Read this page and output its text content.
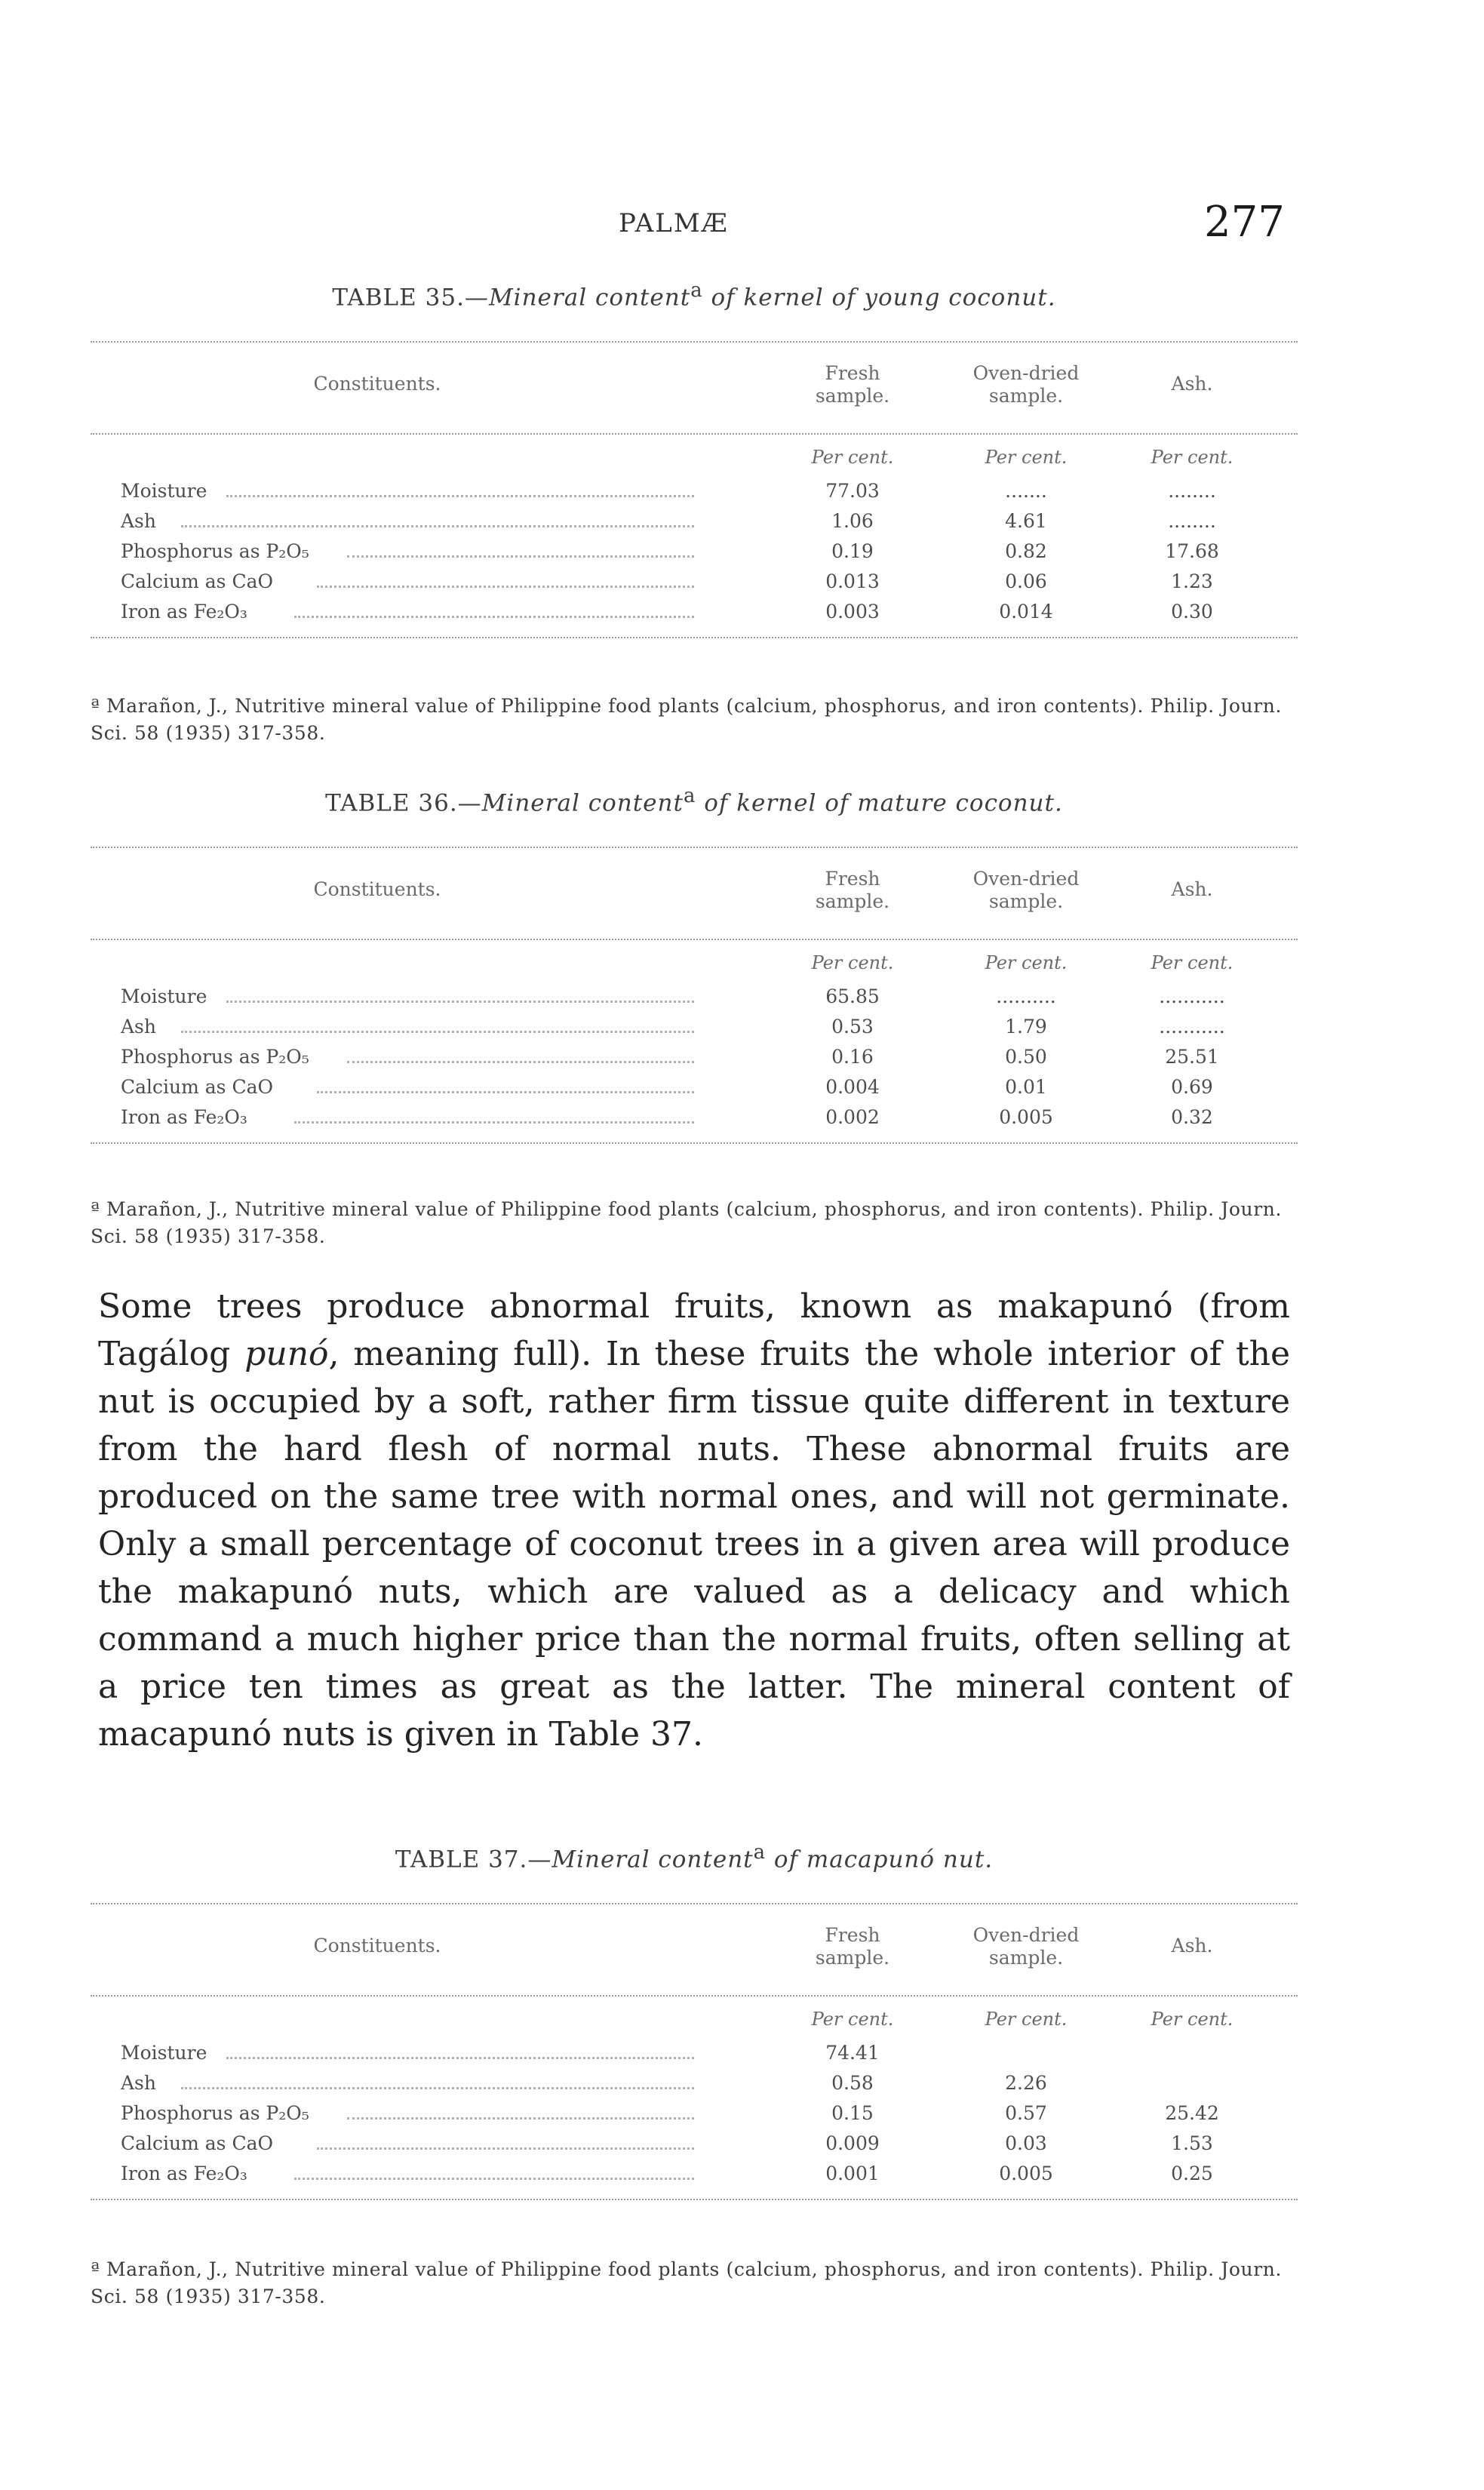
PALMÆ	277
TABLE 35.—Mineral content$^a$ of kernel of young coconut.
Constituents.	Fresh
sample.
Oven-dried
sample.
Ash.
Per cent.	Per cent.	Per cent.
Moisture	77.03	.......	........
Ash	1.06	4.61	........
Phosphorus as P₂O₅	0.19	0.82	17.68
Calcium as CaO	0.013	0.06	1.23
Iron as Fe₂O₃	0.003	0.014	0.30
ª Marañon, J., Nutritive mineral value of Philippine food plants (calcium, phosphorus, and iron contents). Philip. Journ. Sci. 58 (1935) 317-358.
TABLE 36.—Mineral content$^a$ of kernel of mature coconut.
Constituents.	Fresh
sample.
Oven-dried
sample.
Ash.
Per cent.	Per cent.	Per cent.
Moisture	65.85	..........	...........
Ash	0.53	1.79	...........
Phosphorus as P₂O₅	0.16	0.50	25.51
Calcium as CaO	0.004	0.01	0.69
Iron as Fe₂O₃	0.002	0.005	0.32
ª Marañon, J., Nutritive mineral value of Philippine food plants (calcium, phosphorus, and iron contents). Philip. Journ. Sci. 58 (1935) 317-358.
Some trees produce abnormal fruits, known as makapunó (from Tagálog punó, meaning full). In these fruits the whole interior of the nut is occupied by a soft, rather firm tissue quite different in texture from the hard flesh of normal nuts. These abnormal fruits are produced on the same tree with normal ones, and will not germinate. Only a small percentage of coconut trees in a given area will produce the makapunó nuts, which are valued as a delicacy and which command a much higher price than the normal fruits, often selling at a price ten times as great as the latter. The mineral content of macapunó nuts is given in Table 37.
TABLE 37.—Mineral content$^a$ of macapunó nut.
Constituents.	Fresh
sample.
Oven-dried
sample.
Ash.
Per cent.	Per cent.	Per cent.
Moisture	74.41
Ash	0.58	2.26
Phosphorus as P₂O₅	0.15	0.57	25.42
Calcium as CaO	0.009	0.03	1.53
Iron as Fe₂O₃	0.001	0.005	0.25
ª Marañon, J., Nutritive mineral value of Philippine food plants (calcium, phosphorus, and iron contents). Philip. Journ. Sci. 58 (1935) 317-358.
